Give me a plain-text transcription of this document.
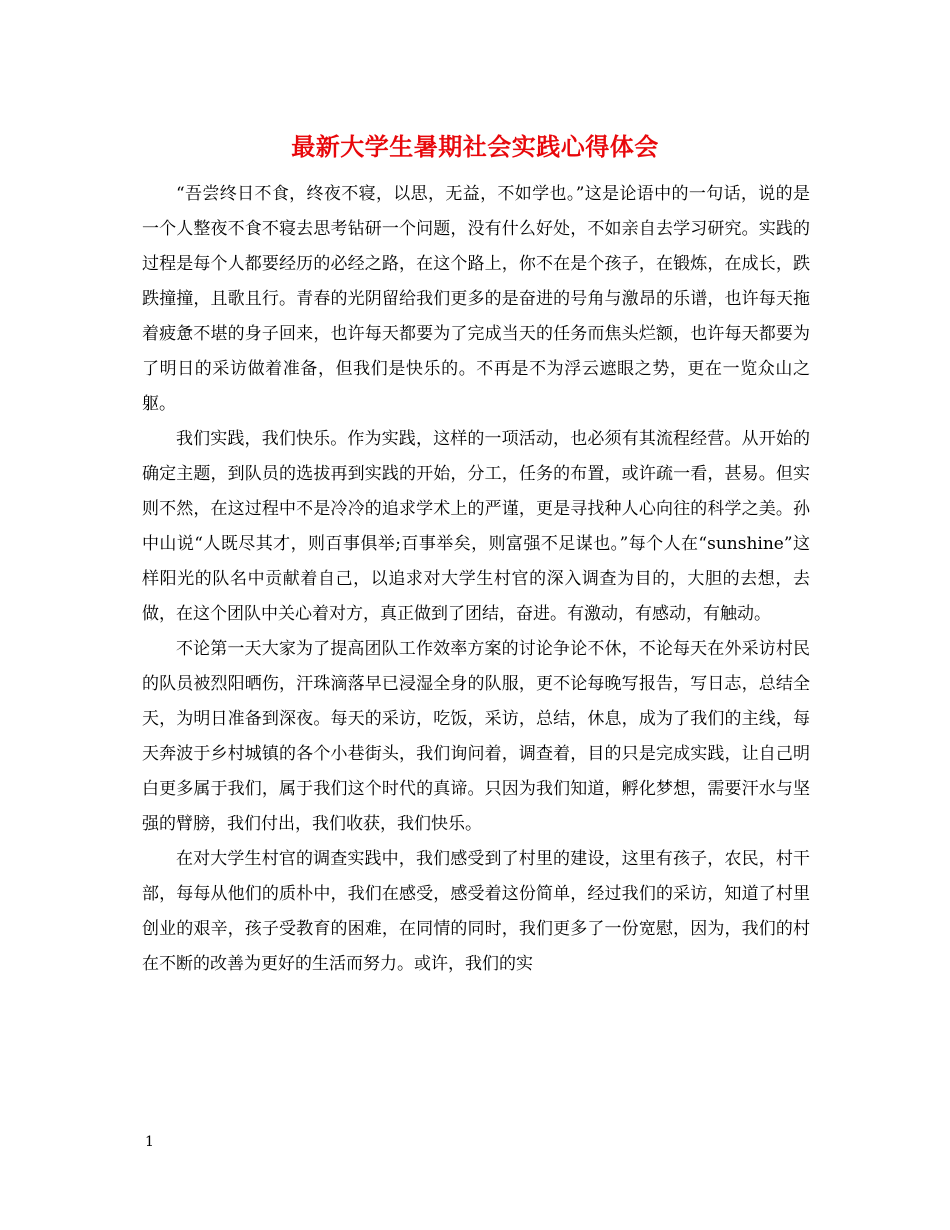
最新大学生暑期社会实践心得体会

“吾尝终日不食，终夜不寝，以思，无益，不如学也。”这是论语中的一句话，说的是一个人整夜不食不寝去思考钻研一个问题，没有什么好处，不如亲自去学习研究。实践的过程是每个人都要经历的必经之路，在这个路上，你不在是个孩子，在锻炼，在成长，跌跌撞撞，且歌且行。青春的光阴留给我们更多的是奋进的号角与激昂的乐谱，也许每天拖着疲惫不堪的身子回来，也许每天都要为了完成当天的任务而焦头烂额，也许每天都要为了明日的采访做着准备，但我们是快乐的。不再是不为浮云遮眼之势，更在一览众山之躯。

我们实践，我们快乐。作为实践，这样的一项活动，也必须有其流程经营。从开始的确定主题，到队员的选拔再到实践的开始，分工，任务的布置，或许疏一看，甚易。但实则不然，在这过程中不是冷冷的追求学术上的严谨，更是寻找种人心向往的科学之美。孙中山说“人既尽其才，则百事俱举;百事举矣，则富强不足谋也。”每个人在“sunshine”这样阳光的队名中贡献着自己，以追求对大学生村官的深入调查为目的，大胆的去想，去做，在这个团队中关心着对方，真正做到了团结，奋进。有激动，有感动，有触动。

不论第一天大家为了提高团队工作效率方案的讨论争论不休，不论每天在外采访村民的队员被烈阳晒伤，汗珠滴落早已浸湿全身的队服，更不论每晚写报告，写日志，总结全天，为明日准备到深夜。每天的采访，吃饭，采访，总结，休息，成为了我们的主线，每天奔波于乡村城镇的各个小巷街头，我们询问着，调查着，目的只是完成实践，让自己明白更多属于我们，属于我们这个时代的真谛。只因为我们知道，孵化梦想，需要汗水与坚强的臂膀，我们付出，我们收获，我们快乐。

在对大学生村官的调查实践中，我们感受到了村里的建设，这里有孩子，农民，村干部，每每从他们的质朴中，我们在感受，感受着这份简单，经过我们的采访，知道了村里创业的艰辛，孩子受教育的困难，在同情的同时，我们更多了一份宽慰，因为，我们的村在不断的改善为更好的生活而努力。或许，我们的实

1
